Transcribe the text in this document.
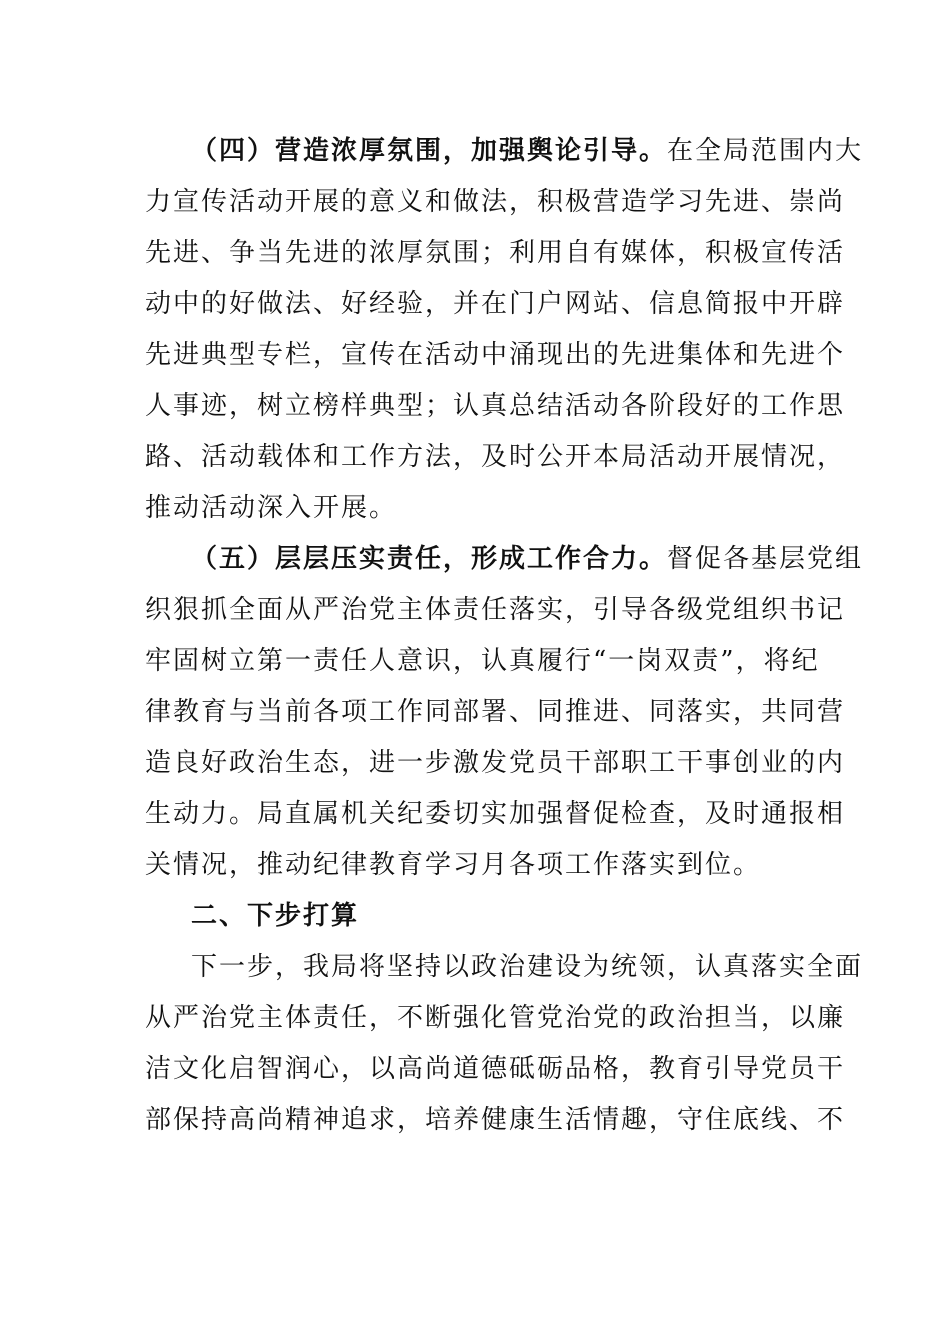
（四）营造浓厚氛围，加强舆论引导。在全局范围内大
力宣传活动开展的意义和做法，积极营造学习先进、崇尚
先进、争当先进的浓厚氛围；利用自有媒体，积极宣传活
动中的好做法、好经验，并在门户网站、信息简报中开辟
先进典型专栏，宣传在活动中涌现出的先进集体和先进个
人事迹，树立榜样典型；认真总结活动各阶段好的工作思
路、活动载体和工作方法，及时公开本局活动开展情况，
推动活动深入开展。
（五）层层压实责任，形成工作合力。督促各基层党组
织狠抓全面从严治党主体责任落实，引导各级党组织书记
牢固树立第一责任人意识，认真履行“一岗双责”，将纪
律教育与当前各项工作同部署、同推进、同落实，共同营
造良好政治生态，进一步激发党员干部职工干事创业的内
生动力。局直属机关纪委切实加强督促检查，及时通报相
关情况，推动纪律教育学习月各项工作落实到位。
二、下步打算
下一步，我局将坚持以政治建设为统领，认真落实全面
从严治党主体责任，不断强化管党治党的政治担当，以廉
洁文化启智润心，以高尚道德砥砺品格，教育引导党员干
部保持高尚精神追求，培养健康生活情趣，守住底线、不
